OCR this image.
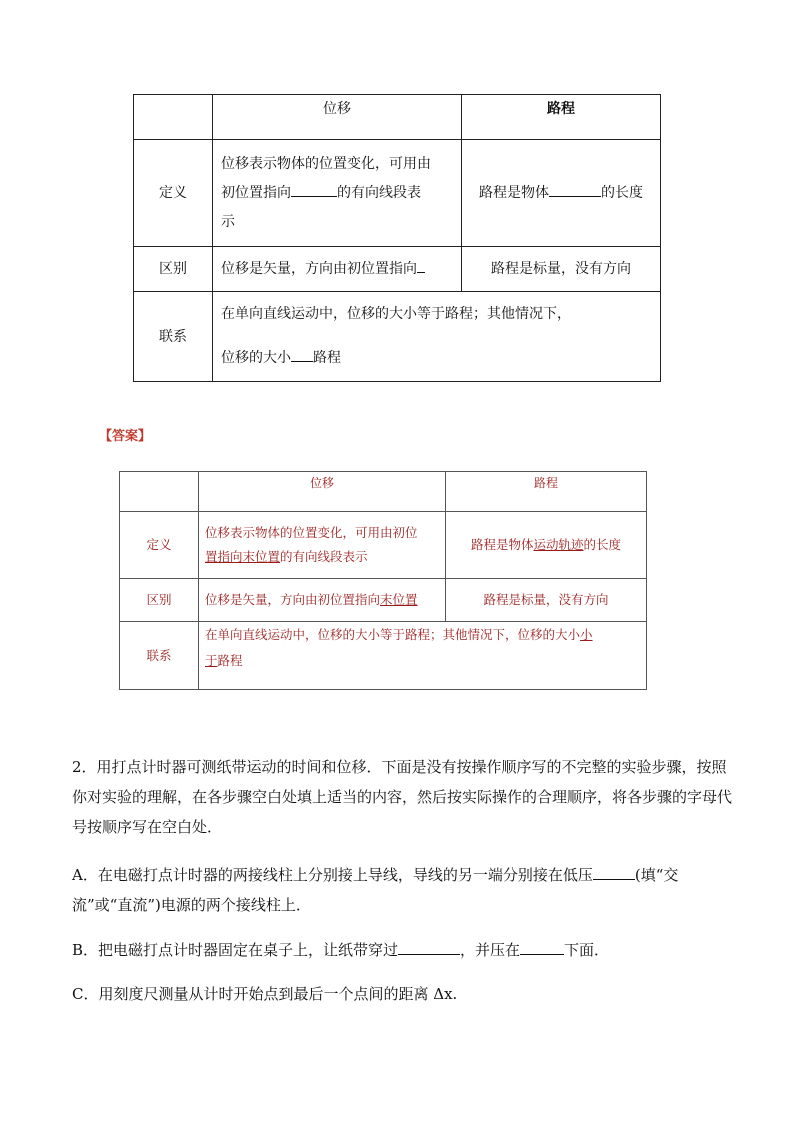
	位移	路程
定义	位移表示物体的位置变化，可用由
初位置指向 的有向线段表
示	路程是物体 的长度
区别	位移是矢量，方向由初位置指向	路程是标量，没有方向
联系	在单向直线运动中，位移的大小等于路程；其他情况下，
位移的大小 路程	
【答案】
	位移	路程
定义	位移表示物体的位置变化，可用由初位
置指向末位置的有向线段表示	路程是物体运动轨迹的长度
区别	位移是矢量，方向由初位置指向末位置	路程是标量，没有方向
联系	在单向直线运动中，位移的大小等于路程；其他情况下，位移的大小小
于路程	
2．用打点计时器可测纸带运动的时间和位移．下面是没有按操作顺序写的不完整的实验步骤，按照你对实验的理解，在各步骤空白处填上适当的内容，然后按实际操作的合理顺序，将各步骤的字母代号按顺序写在空白处．
A．在电磁打点计时器的两接线柱上分别接上导线，导线的另一端分别接在低压	(填“交流”或“直流”)电源的两个接线柱上．
B．把电磁打点计时器固定在桌子上，让纸带穿过	，并压在	下面．
C．用刻度尺测量从计时开始点到最后一个点间的距离 Δx.
